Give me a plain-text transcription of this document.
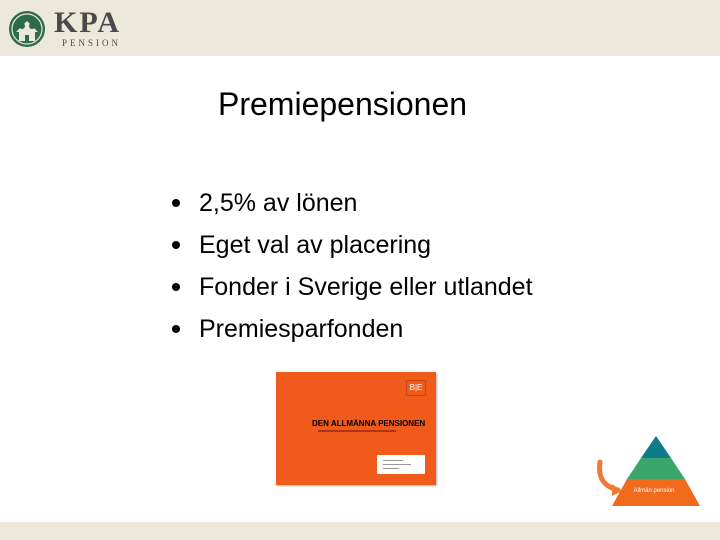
KPA
PENSION
Premiepensionen
2,5% av lönen
Eget val av placering
Fonder i Sverige eller utlandet
Premiesparfonden
B|E
DEN ALLMÄNNA PENSIONEN
Allmän pension
